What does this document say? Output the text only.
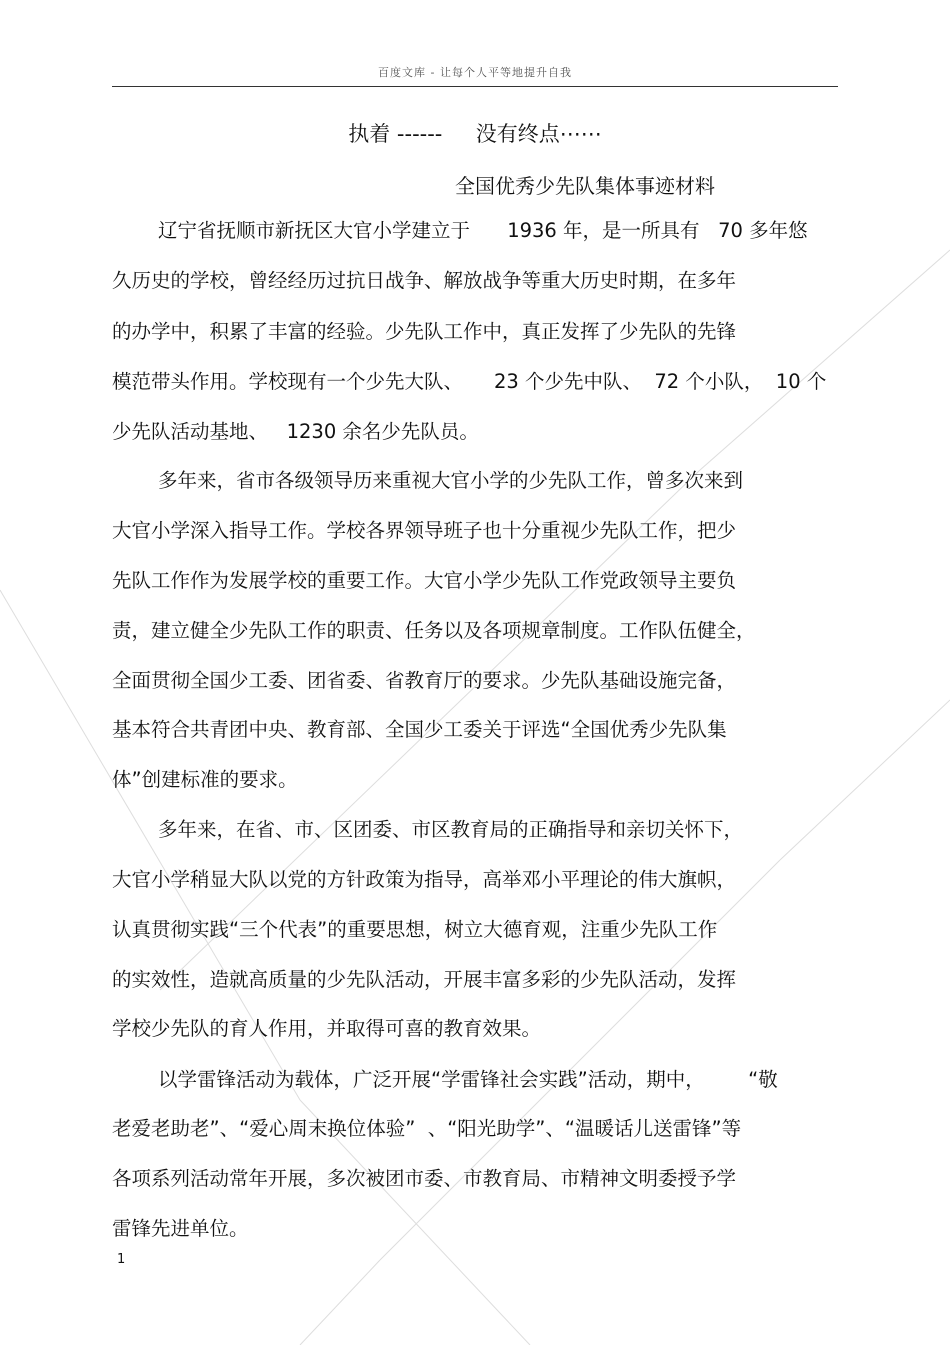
百度文库 - 让每个人平等地提升自我
执着 ------     没有终点⋯⋯
全国优秀少先队集体事迹材料
辽宁省抚顺市新抚区大官小学建立于      1936 年，是一所具有   70 多年悠
久历史的学校，曾经经历过抗日战争、解放战争等重大历史时期，在多年
的办学中，积累了丰富的经验。少先队工作中，真正发挥了少先队的先锋
模范带头作用。学校现有一个少先大队、     23 个少先中队、  72 个小队，  10 个
少先队活动基地、   1230 余名少先队员。
多年来，省市各级领导历来重视大官小学的少先队工作，曾多次来到
大官小学深入指导工作。学校各界领导班子也十分重视少先队工作，把少
先队工作作为发展学校的重要工作。大官小学少先队工作党政领导主要负
责，建立健全少先队工作的职责、任务以及各项规章制度。工作队伍健全，
全面贯彻全国少工委、团省委、省教育厅的要求。少先队基础设施完备，
基本符合共青团中央、教育部、全国少工委关于评选“全国优秀少先队集
体”创建标准的要求。
多年来，在省、市、区团委、市区教育局的正确指导和亲切关怀下，
大官小学稍显大队以党的方针政策为指导，高举邓小平理论的伟大旗帜，
认真贯彻实践“三个代表”的重要思想，树立大德育观，注重少先队工作
的实效性，造就高质量的少先队活动，开展丰富多彩的少先队活动，发挥
学校少先队的育人作用，并取得可喜的教育效果。
以学雷锋活动为载体，广泛开展“学雷锋社会实践”活动，期中，       “敬
老爱老助老”、“爱心周末换位体验”  、“阳光助学”、“温暖话儿送雷锋”等
各项系列活动常年开展，多次被团市委、市教育局、市精神文明委授予学
雷锋先进单位。
1
